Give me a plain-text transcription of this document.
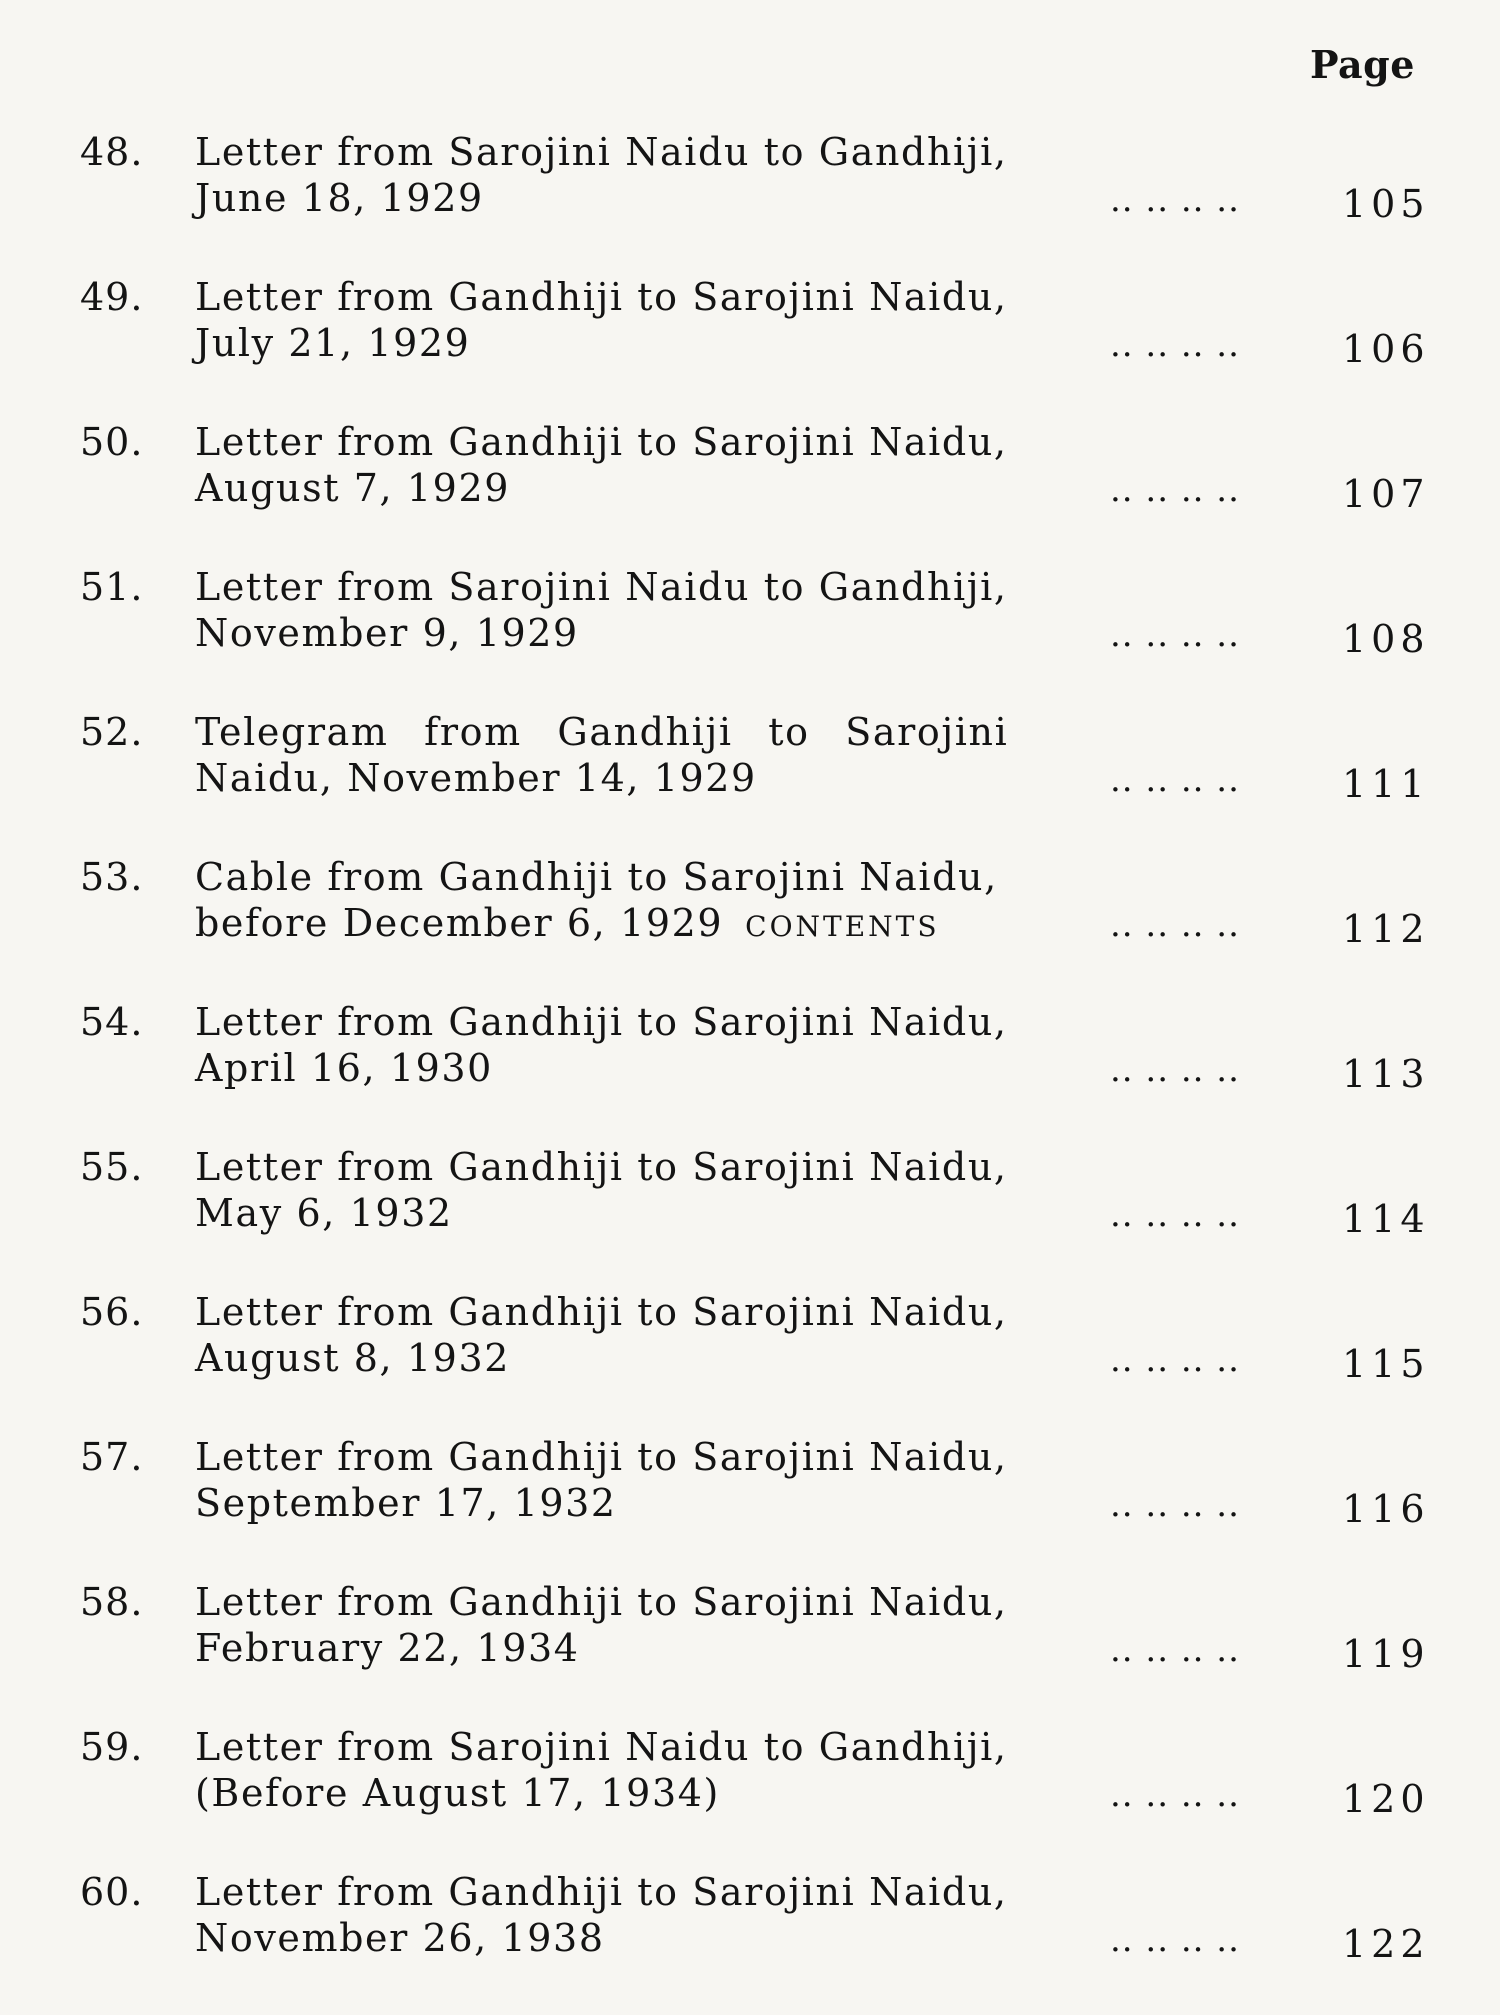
Page
48. Letter from Sarojini Naidu to Gandhiji,
June 18, 1929	.. .. .. ..	105
49. Letter from Gandhiji to Sarojini Naidu,
July 21, 1929	.. .. .. ..	106
50. Letter from Gandhiji to Sarojini Naidu,
August 7, 1929	.. .. .. ..	107
51. Letter from Sarojini Naidu to Gandhiji,
November 9, 1929	.. .. .. ..	108
52. Telegram from Gandhiji to Sarojini
Naidu, November 14, 1929	.. .. .. ..	111
53. Cable from Gandhiji to Sarojini Naidu,
before December 6, 1929 CONTENTS	.. .. .. ..	112
54. Letter from Gandhiji to Sarojini Naidu,
April 16, 1930	.. .. .. ..	113
55. Letter from Gandhiji to Sarojini Naidu,
May 6, 1932	.. .. .. ..	114
56. Letter from Gandhiji to Sarojini Naidu,
August 8, 1932	.. .. .. ..	115
57. Letter from Gandhiji to Sarojini Naidu,
September 17, 1932	.. .. .. ..	116
58. Letter from Gandhiji to Sarojini Naidu,
February 22, 1934	.. .. .. ..	119
59. Letter from Sarojini Naidu to Gandhiji,
(Before August 17, 1934)	.. .. .. ..	120
60. Letter from Gandhiji to Sarojini Naidu,
November 26, 1938	.. .. .. ..	122
